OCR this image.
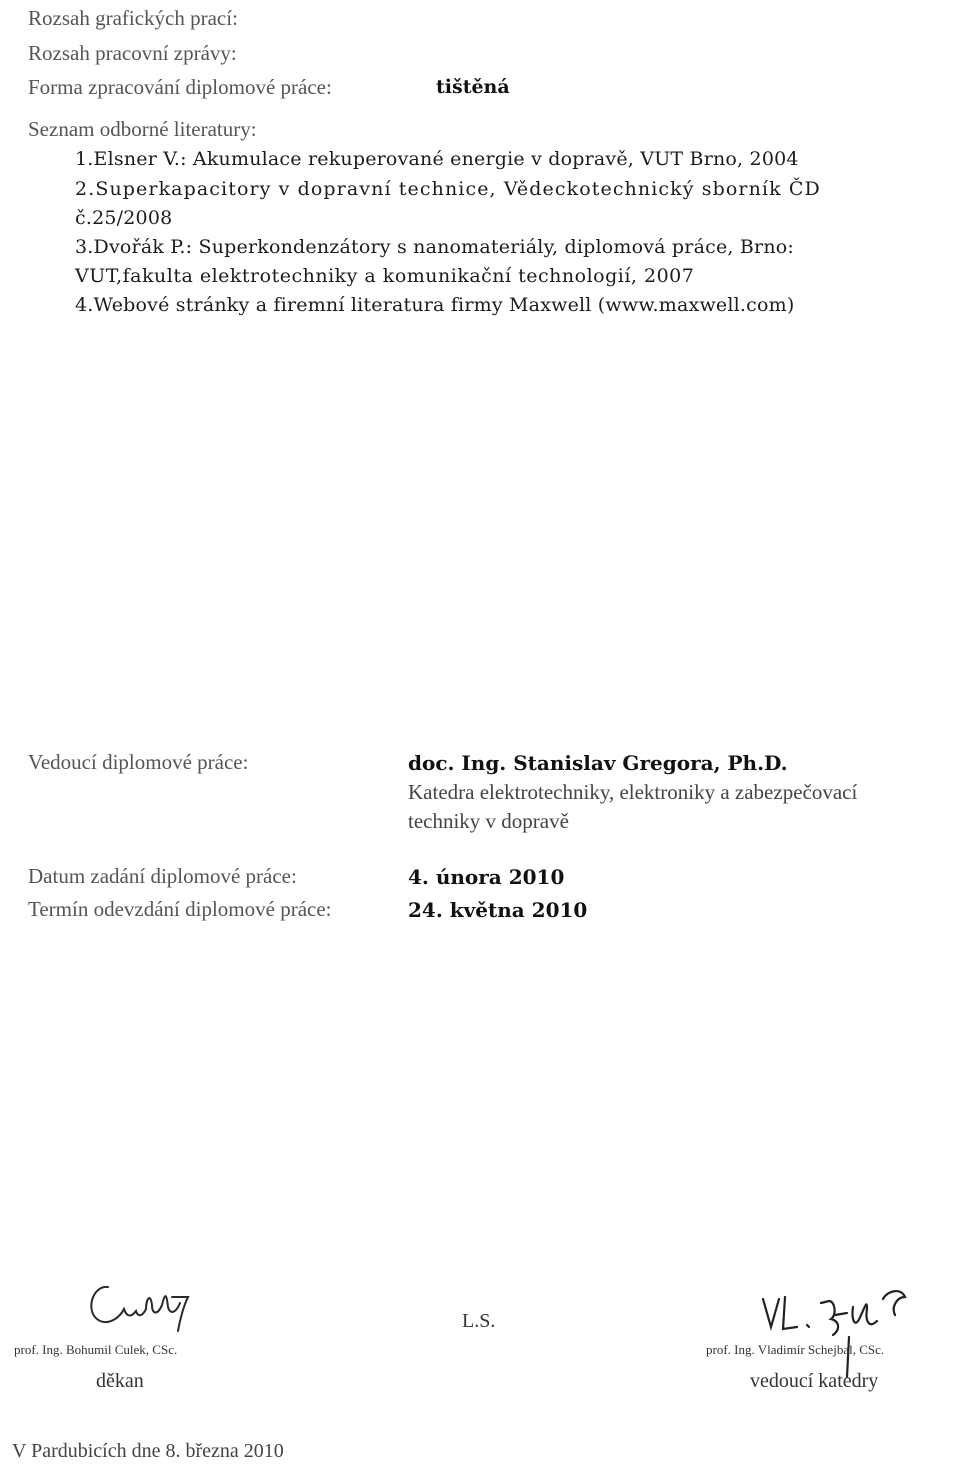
Rozsah grafických prací:
Rozsah pracovní zprávy:
Forma zpracování diplomové práce:	tištěná
Seznam odborné literatury:
1.Elsner V.: Akumulace rekuperované energie v dopravě, VUT Brno, 2004
2.Superkapacitory v dopravní technice, Vědeckotechnický sborník ČD
č.25/2008
3.Dvořák P.: Superkondenzátory s nanomateriály, diplomová práce, Brno:
VUT,fakulta elektrotechniky a komunikační technologií, 2007
4.Webové stránky a firemní literatura firmy Maxwell (www.maxwell.com)
Vedoucí diplomové práce:	doc. Ing. Stanislav Gregora, Ph.D.
Katedra elektrotechniky, elektroniky a zabezpečovací
techniky v dopravě
Datum zadání diplomové práce:	4. února 2010
Termín odevzdání diplomové práce:	24. května 2010
prof. Ing. Bohumil Culek, CSc.
děkan
L.S.
prof. Ing. Vladimír Schejbal, CSc.
vedoucí katedry
V Pardubicích dne 8. března 2010
